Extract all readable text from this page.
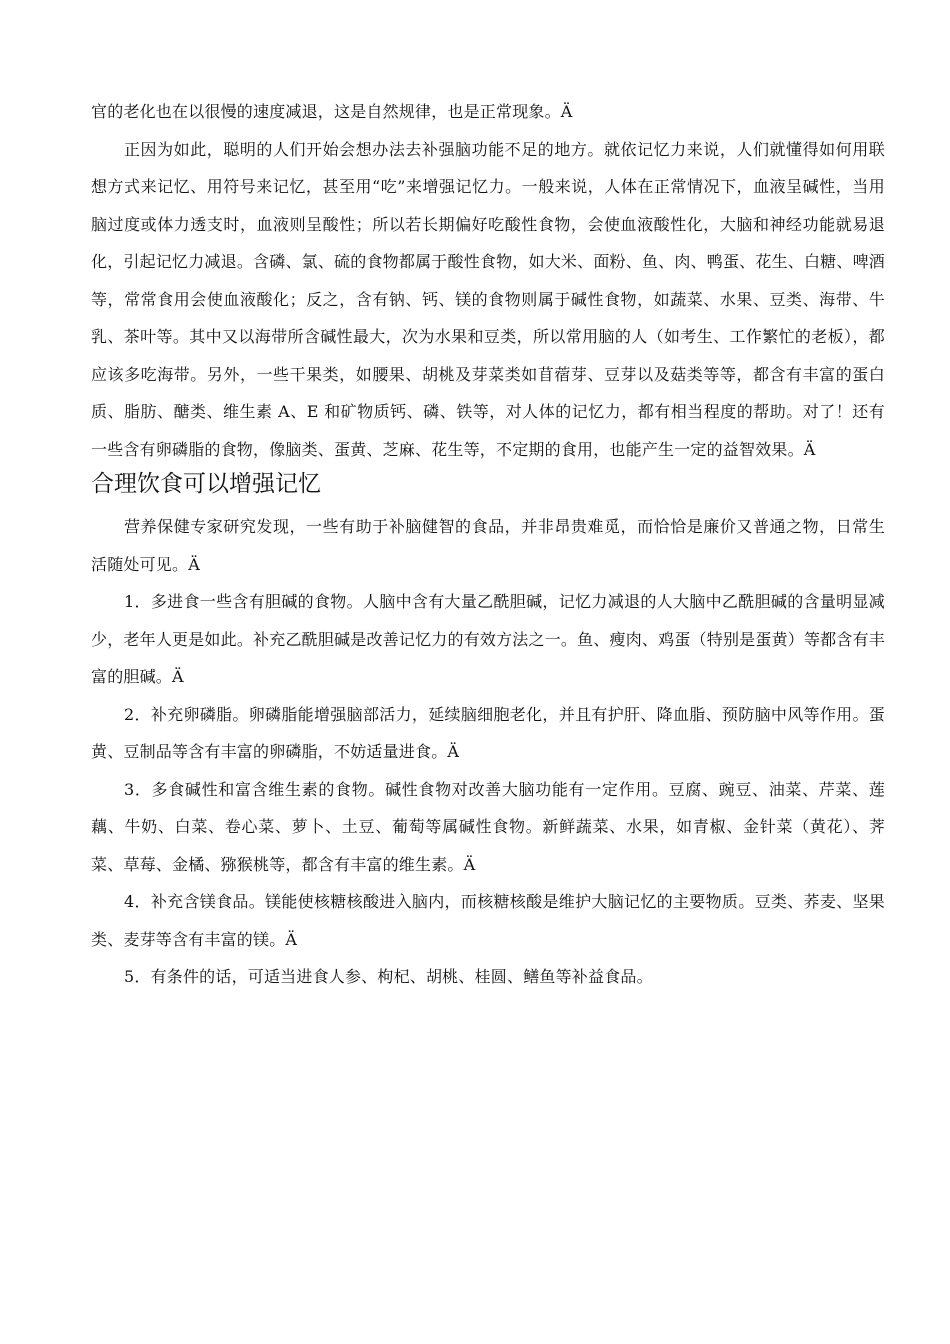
官的老化也在以很慢的速度减退，这是自然规律，也是正常现象。Ä

正因为如此，聪明的人们开始会想办法去补强脑功能不足的地方。就依记忆力来说，人们就懂得如何用联想方式来记忆、用符号来记忆，甚至用“吃”来增强记忆力。一般来说，人体在正常情况下，血液呈碱性，当用脑过度或体力透支时，血液则呈酸性；所以若长期偏好吃酸性食物，会使血液酸性化，大脑和神经功能就易退化，引起记忆力减退。含磷、氯、硫的食物都属于酸性食物，如大米、面粉、鱼、肉、鸭蛋、花生、白糖、啤酒等，常常食用会使血液酸化；反之，含有钠、钙、镁的食物则属于碱性食物，如蔬菜、水果、豆类、海带、牛乳、茶叶等。其中又以海带所含碱性最大，次为水果和豆类，所以常用脑的人（如考生、工作繁忙的老板），都应该多吃海带。另外，一些干果类，如腰果、胡桃及芽菜类如苜蓿芽、豆芽以及菇类等等，都含有丰富的蛋白质、脂肪、醣类、维生素 A、E 和矿物质钙、磷、铁等，对人体的记忆力，都有相当程度的帮助。对了！还有一些含有卵磷脂的食物，像脑类、蛋黄、芝麻、花生等，不定期的食用，也能产生一定的益智效果。Ä

合理饮食可以增强记忆

营养保健专家研究发现，一些有助于补脑健智的食品，并非昂贵难觅，而恰恰是廉价又普通之物，日常生活随处可见。Ä

1．多进食一些含有胆碱的食物。人脑中含有大量乙酰胆碱，记忆力减退的人大脑中乙酰胆碱的含量明显减少，老年人更是如此。补充乙酰胆碱是改善记忆力的有效方法之一。鱼、瘦肉、鸡蛋（特别是蛋黄）等都含有丰富的胆碱。Ä

2．补充卵磷脂。卵磷脂能增强脑部活力，延续脑细胞老化，并且有护肝、降血脂、预防脑中风等作用。蛋黄、豆制品等含有丰富的卵磷脂，不妨适量进食。Ä

3．多食碱性和富含维生素的食物。碱性食物对改善大脑功能有一定作用。豆腐、豌豆、油菜、芹菜、莲藕、牛奶、白菜、卷心菜、萝卜、土豆、葡萄等属碱性食物。新鲜蔬菜、水果，如青椒、金针菜（黄花）、荠菜、草莓、金橘、猕猴桃等，都含有丰富的维生素。Ä

4．补充含镁食品。镁能使核糖核酸进入脑内，而核糖核酸是维护大脑记忆的主要物质。豆类、荞麦、坚果类、麦芽等含有丰富的镁。Ä

5．有条件的话，可适当进食人参、枸杞、胡桃、桂圆、鳝鱼等补益食品。
